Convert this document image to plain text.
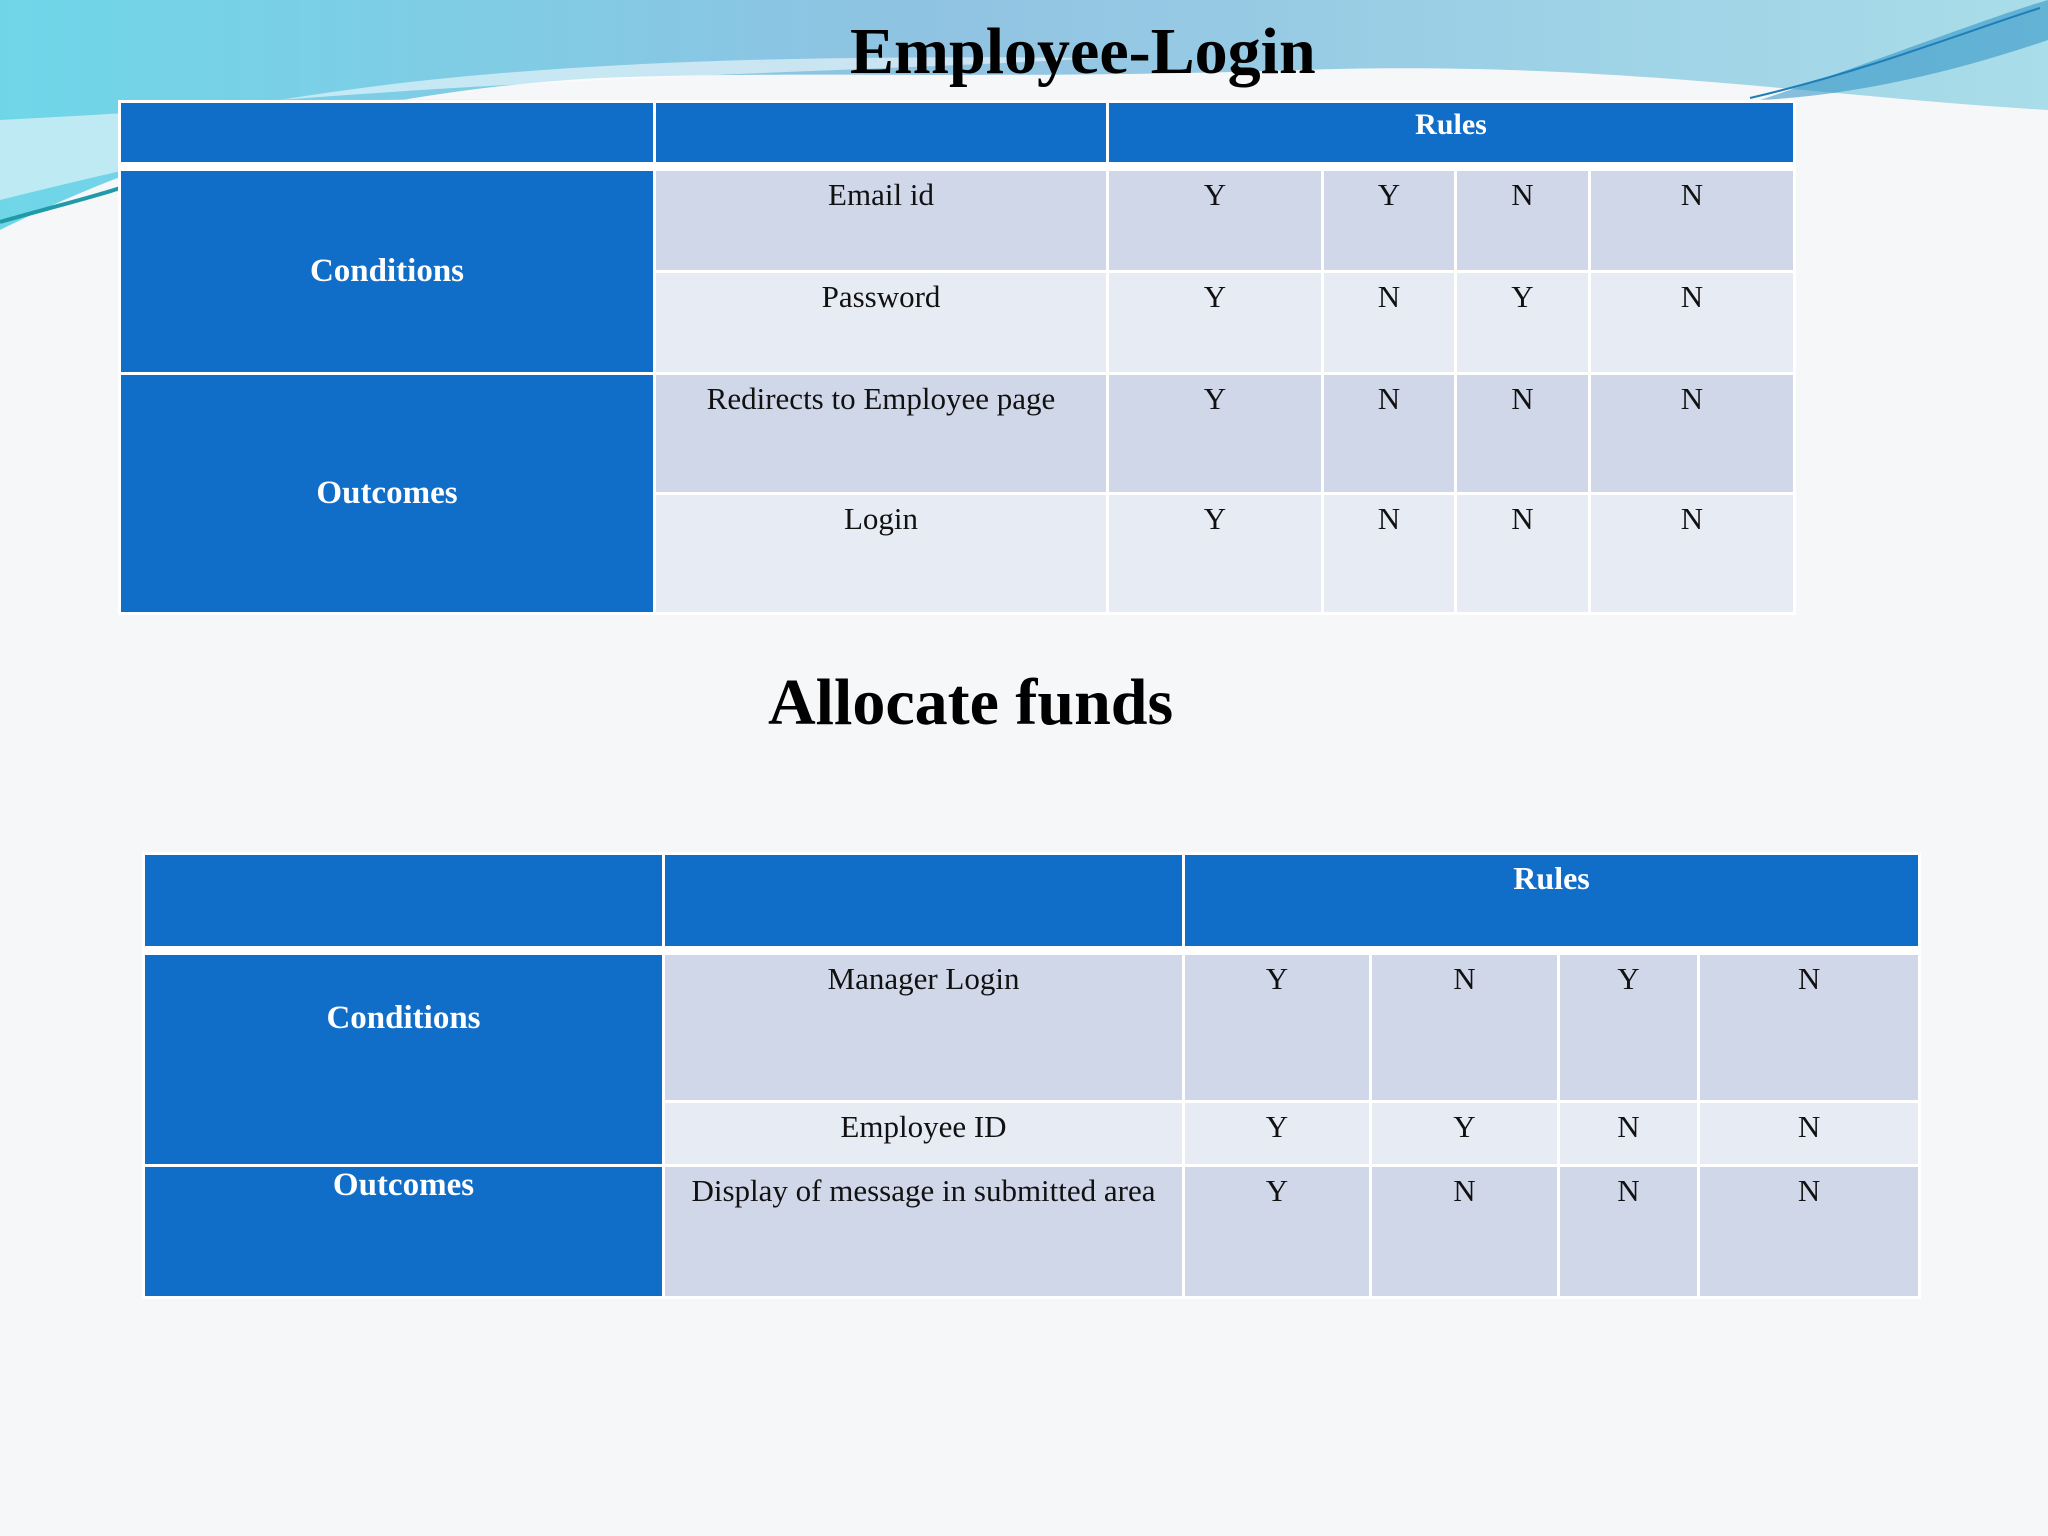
Employee-Login
		Rules			

Conditions	Email id	Y	Y	N	N
	Password	Y	N	Y	N
Outcomes	Redirects to Employee page	Y	N	N	N
	Login	Y	N	N	N
Allocate funds
		Rules			

Conditions	Manager Login	Y	N	Y	N
	Employee ID	Y	Y	N	N
Outcomes	Display of message in submitted area	Y	N	N	N
